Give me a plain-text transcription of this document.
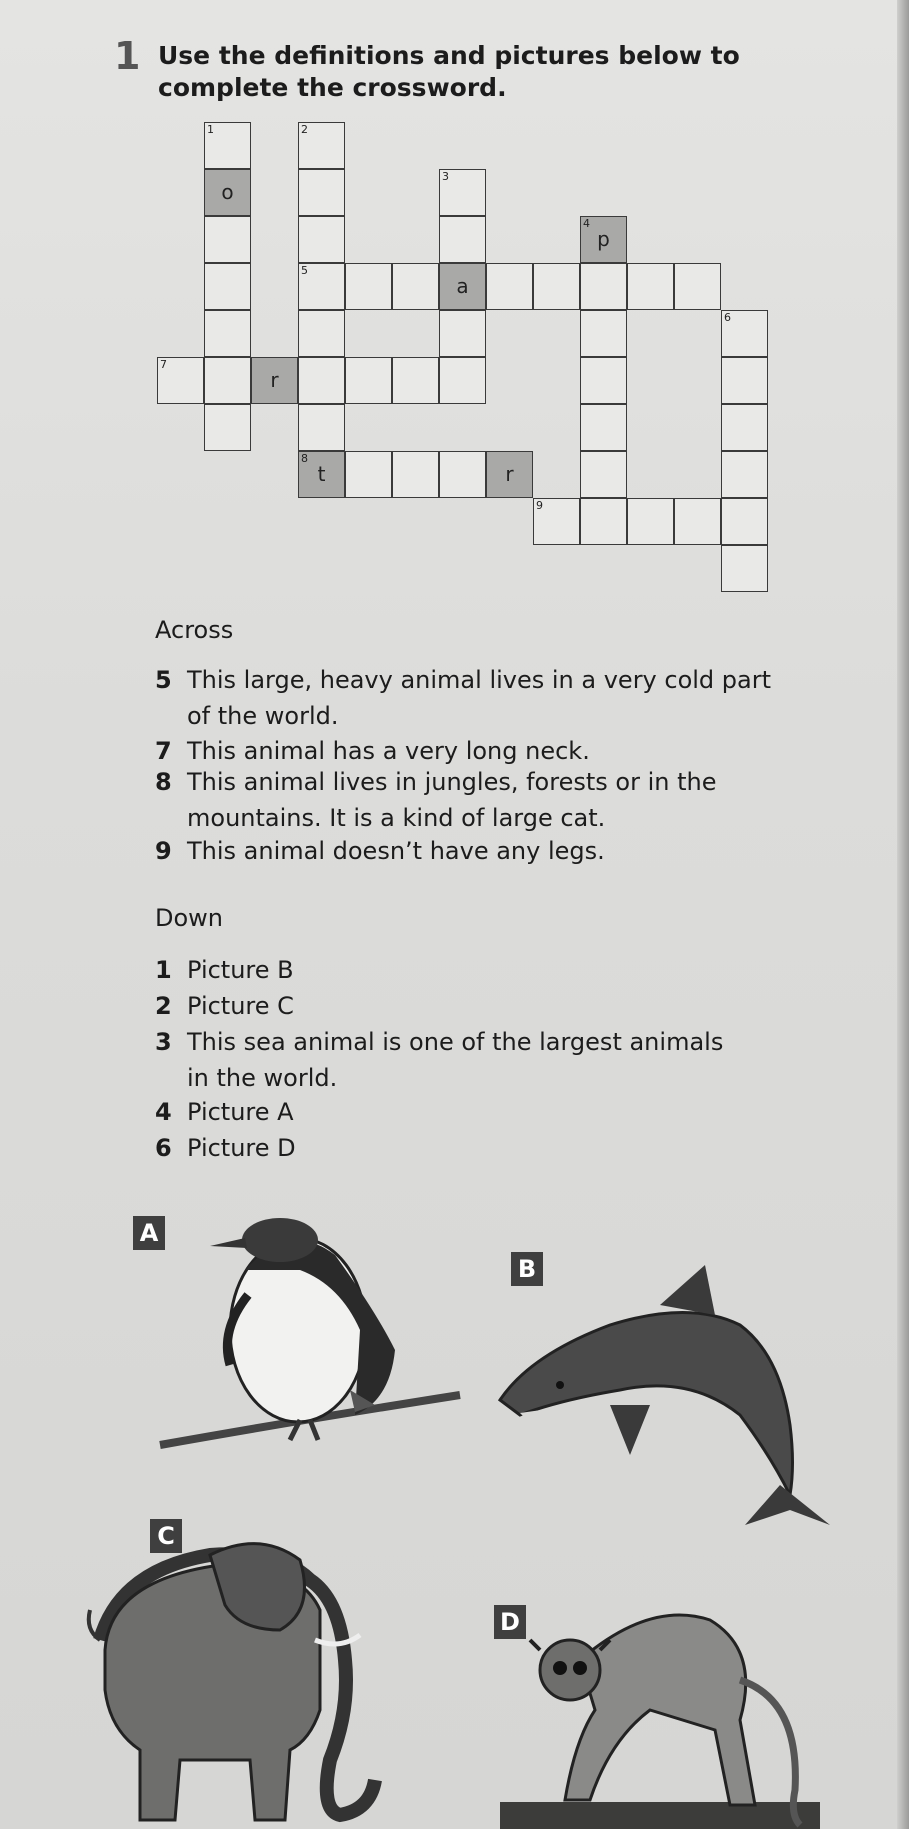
1 Use the definitions and pictures below to complete the crossword.
1
o
2
5
8
t
3
a
4
p
6
7
r
r
9
Across
5 This large, heavy animal lives in a very cold part
of the world.
7 This animal has a very long neck.
8 This animal lives in jungles, forests or in the
mountains. It is a kind of large cat.
9 This animal doesn’t have any legs.
Down
1 Picture B
2 Picture C
3 This sea animal is one of the largest animals
in the world.
4 Picture A
6 Picture D
A
B
C
D
